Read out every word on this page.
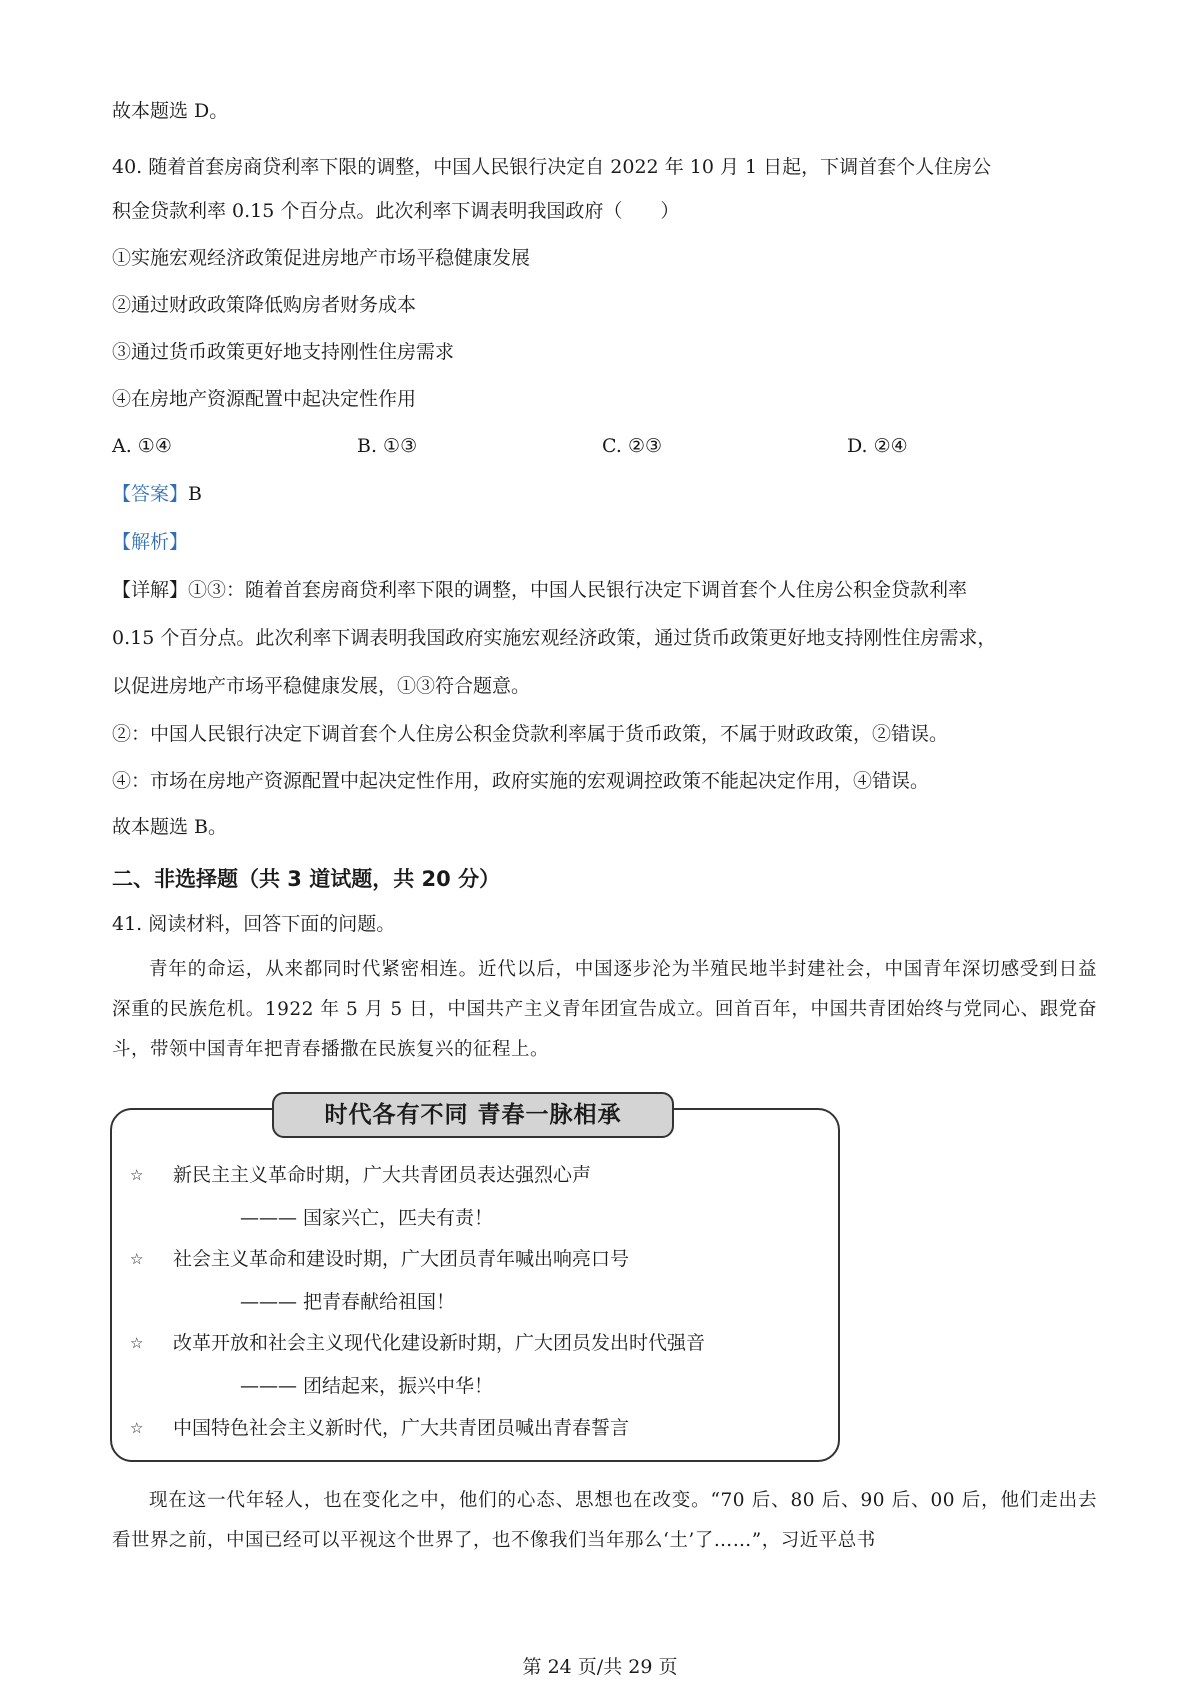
故本题选 D。
40. 随着首套房商贷利率下限的调整，中国人民银行决定自 2022 年 10 月 1 日起，下调首套个人住房公
积金贷款利率 0.15 个百分点。此次利率下调表明我国政府（　　）
①实施宏观经济政策促进房地产市场平稳健康发展
②通过财政政策降低购房者财务成本
③通过货币政策更好地支持刚性住房需求
④在房地产资源配置中起决定性作用
A. ①④	B. ①③	C. ②③	D. ②④
【答案】B
【解析】
【详解】①③：随着首套房商贷利率下限的调整，中国人民银行决定下调首套个人住房公积金贷款利率
0.15 个百分点。此次利率下调表明我国政府实施宏观经济政策，通过货币政策更好地支持刚性住房需求，
以促进房地产市场平稳健康发展，①③符合题意。
②：中国人民银行决定下调首套个人住房公积金贷款利率属于货币政策，不属于财政政策，②错误。
④：市场在房地产资源配置中起决定性作用，政府实施的宏观调控政策不能起决定作用，④错误。
故本题选 B。
二、非选择题（共 3 道试题，共 20 分）
41. 阅读材料，回答下面的问题。
青年的命运，从来都同时代紧密相连。近代以后，中国逐步沦为半殖民地半封建社会，中国青年深切感受到日益深重的民族危机。1922 年 5 月 5 日，中国共产主义青年团宣告成立。回首百年，中国共青团始终与党同心、跟党奋斗，带领中国青年把青春播撒在民族复兴的征程上。
时代各有不同 青春一脉相承
☆ 新民主主义革命时期，广大共青团员表达强烈心声
——— 国家兴亡，匹夫有责！
☆ 社会主义革命和建设时期，广大团员青年喊出响亮口号
——— 把青春献给祖国！
☆ 改革开放和社会主义现代化建设新时期，广大团员发出时代强音
——— 团结起来，振兴中华！
☆ 中国特色社会主义新时代，广大共青团员喊出青春誓言
现在这一代年轻人，也在变化之中，他们的心态、思想也在改变。“70 后、80 后、90 后、00 后，他们走出去看世界之前，中国已经可以平视这个世界了，也不像我们当年那么‘土’了……”，习近平总书
第 24 页/共 29 页
